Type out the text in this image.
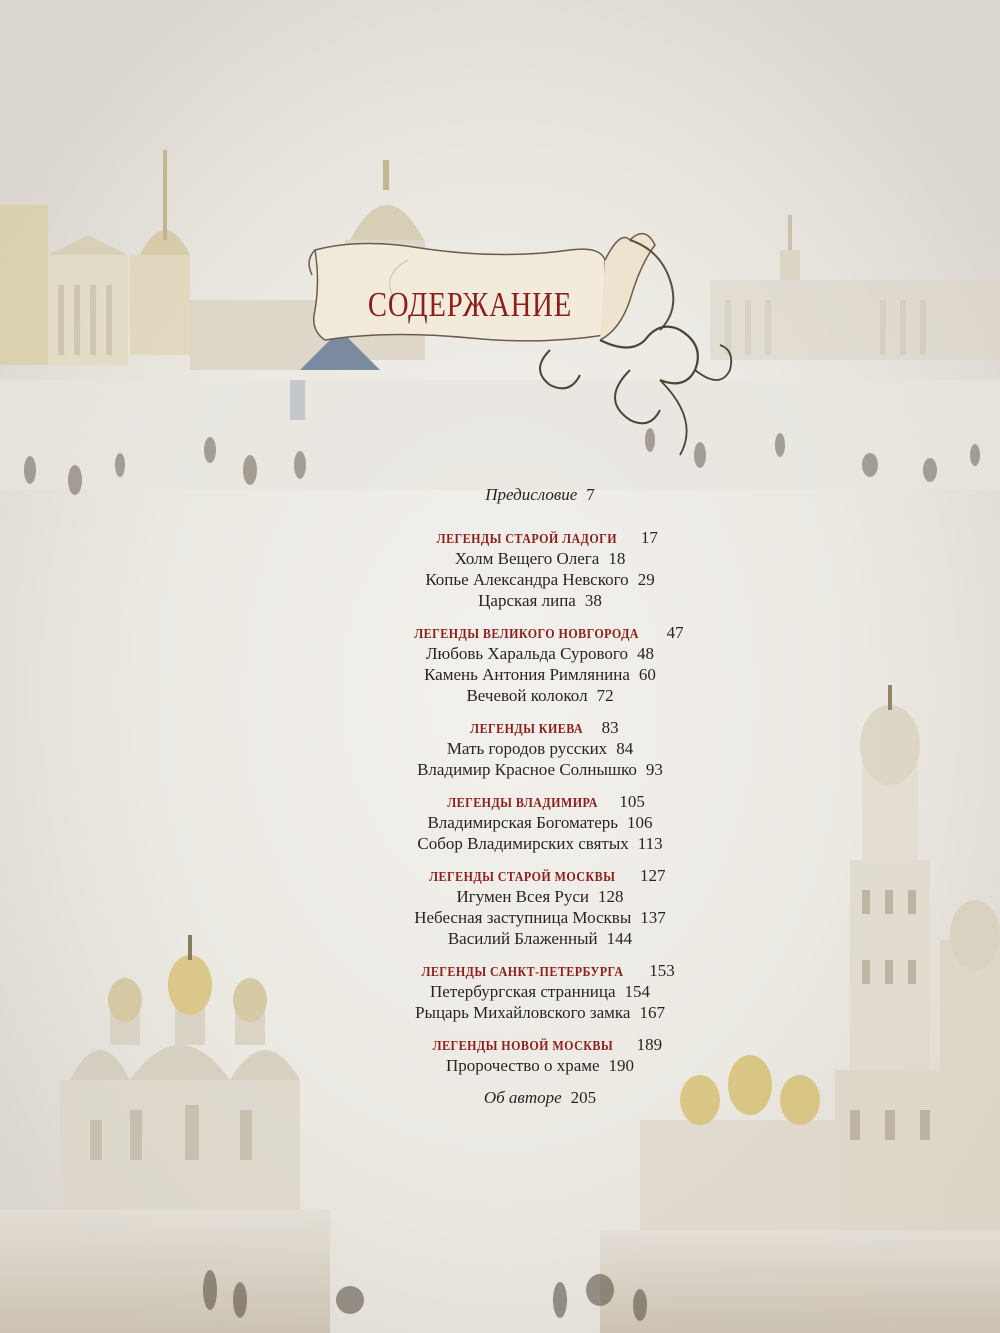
СОДЕРЖАНИЕ
Предисловие 7
ЛЕГЕНДЫ СТАРОЙ ЛАДОГИ 17
Холм Вещего Олега 18
Копье Александра Невского 29
Царская липа 38
ЛЕГЕНДЫ ВЕЛИКОГО НОВГОРОДА 47
Любовь Харальда Сурового 48
Камень Антония Римлянина 60
Вечевой колокол 72
ЛЕГЕНДЫ КИЕВА 83
Мать городов русских 84
Владимир Красное Солнышко 93
ЛЕГЕНДЫ ВЛАДИМИРА 105
Владимирская Богоматерь 106
Собор Владимирских святых 113
ЛЕГЕНДЫ СТАРОЙ МОСКВЫ 127
Игумен Всея Руси 128
Небесная заступница Москвы 137
Василий Блаженный 144
ЛЕГЕНДЫ САНКТ-ПЕТЕРБУРГА 153
Петербургская странница 154
Рыцарь Михайловского замка 167
ЛЕГЕНДЫ НОВОЙ МОСКВЫ 189
Пророчество о храме 190
Об авторе 205
